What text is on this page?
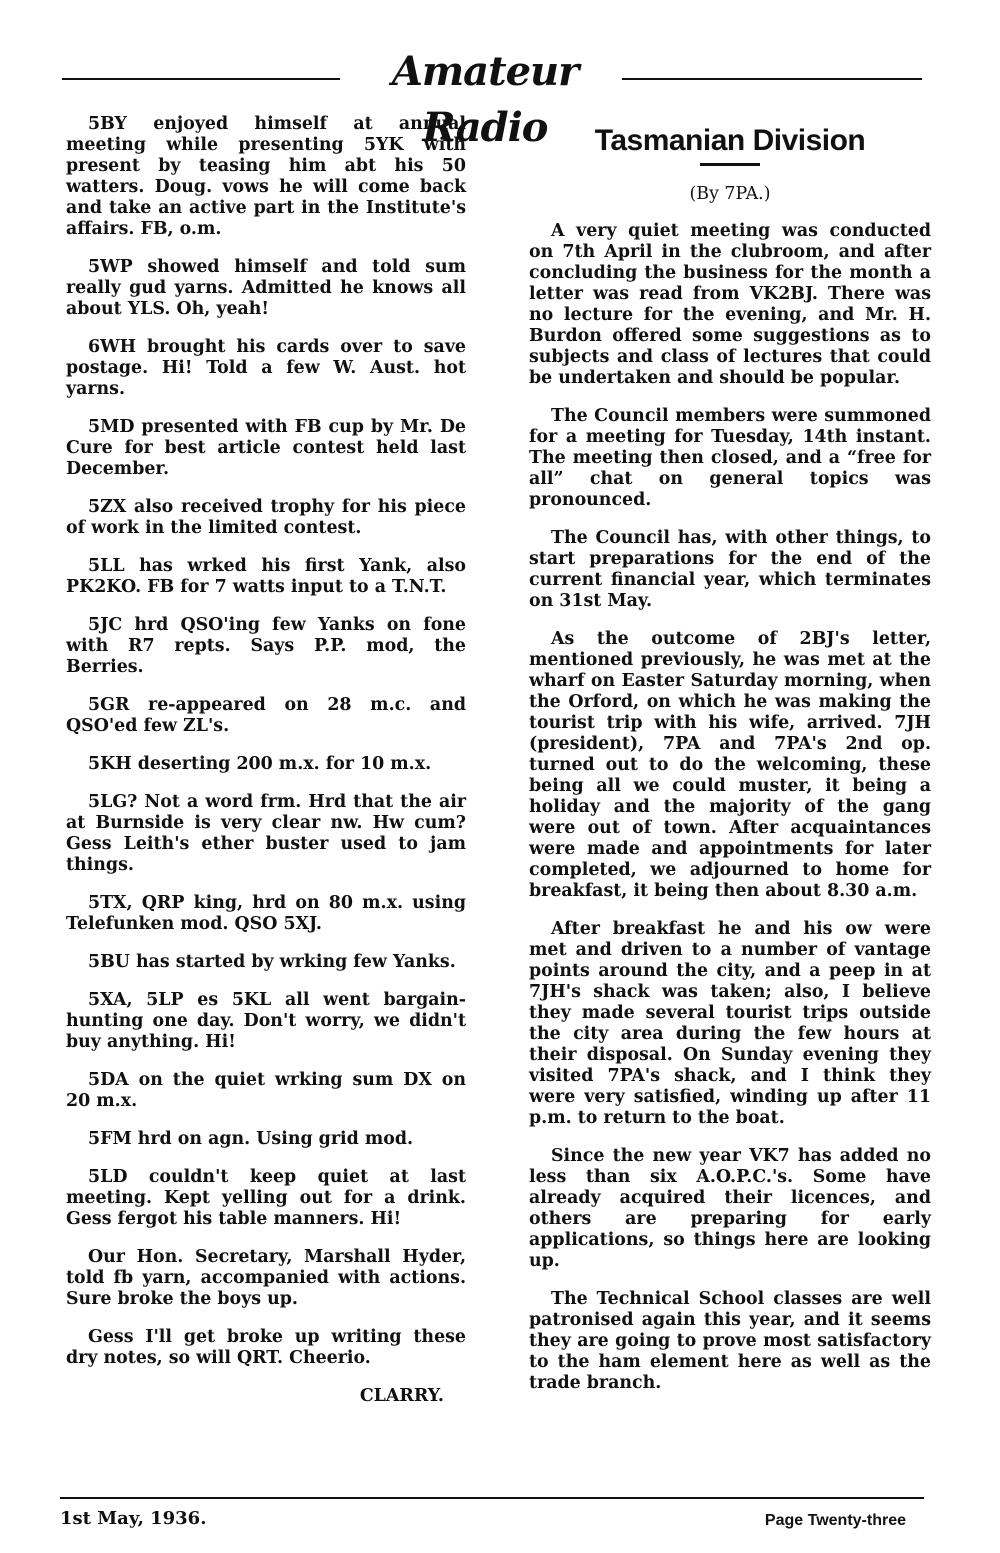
Amateur Radio

5BY enjoyed himself at annual meeting while presenting 5YK with present by teasing him abt his 50 watters. Doug. vows he will come back and take an active part in the Institute's affairs. FB, o.m.

5WP showed himself and told sum really gud yarns. Admitted he knows all about YLS. Oh, yeah!

6WH brought his cards over to save postage. Hi! Told a few W. Aust. hot yarns.

5MD presented with FB cup by Mr. De Cure for best article contest held last December.

5ZX also received trophy for his piece of work in the limited contest.

5LL has wrked his first Yank, also PK2KO. FB for 7 watts input to a T.N.T.

5JC hrd QSO'ing few Yanks on fone with R7 repts. Says P.P. mod, the Berries.

5GR re-appeared on 28 m.c. and QSO'ed few ZL's.

5KH deserting 200 m.x. for 10 m.x.

5LG? Not a word frm. Hrd that the air at Burnside is very clear nw. Hw cum? Gess Leith's ether buster used to jam things.

5TX, QRP king, hrd on 80 m.x. using Telefunken mod. QSO 5XJ.

5BU has started by wrking few Yanks.

5XA, 5LP es 5KL all went bargain-hunting one day. Don't worry, we didn't buy anything. Hi!

5DA on the quiet wrking sum DX on 20 m.x.

5FM hrd on agn. Using grid mod.

5LD couldn't keep quiet at last meeting. Kept yelling out for a drink. Gess fergot his table manners. Hi!

Our Hon. Secretary, Marshall Hyder, told fb yarn, accompanied with actions. Sure broke the boys up.

Gess I'll get broke up writing these dry notes, so will QRT. Cheerio.

CLARRY.
Tasmanian Division
(By 7PA.)

A very quiet meeting was conducted on 7th April in the clubroom, and after concluding the business for the month a letter was read from VK2BJ. There was no lecture for the evening, and Mr. H. Burdon offered some suggestions as to subjects and class of lectures that could be undertaken and should be popular.

The Council members were summoned for a meeting for Tuesday, 14th instant. The meeting then closed, and a “free for all” chat on general topics was pronounced.

The Council has, with other things, to start preparations for the end of the current financial year, which terminates on 31st May.

As the outcome of 2BJ's letter, mentioned previously, he was met at the wharf on Easter Saturday morning, when the Orford, on which he was making the tourist trip with his wife, arrived. 7JH (president), 7PA and 7PA's 2nd op. turned out to do the welcoming, these being all we could muster, it being a holiday and the majority of the gang were out of town. After acquaintances were made and appointments for later completed, we adjourned to home for breakfast, it being then about 8.30 a.m.

After breakfast he and his ow were met and driven to a number of vantage points around the city, and a peep in at 7JH's shack was taken; also, I believe they made several tourist trips outside the city area during the few hours at their disposal. On Sunday evening they visited 7PA's shack, and I think they were very satisfied, winding up after 11 p.m. to return to the boat.

Since the new year VK7 has added no less than six A.O.P.C.'s. Some have already acquired their licences, and others are preparing for early applications, so things here are looking up.

The Technical School classes are well patronised again this year, and it seems they are going to prove most satisfactory to the ham element here as well as the trade branch.

1st May, 1936.	Page Twenty-three
